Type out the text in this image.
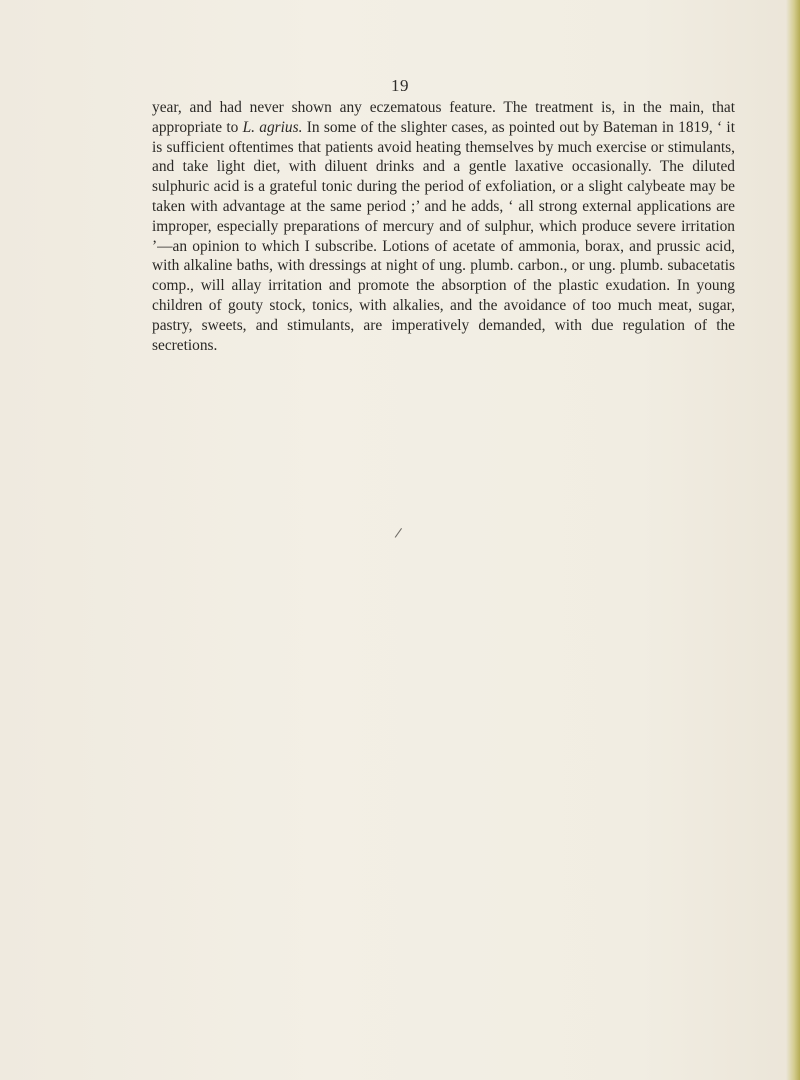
19

year, and had never shown any eczematous feature. The treatment is, in the main, that appropriate to L. agrius. In some of the slighter cases, as pointed out by Bateman in 1819, ‘ it is sufficient oftentimes that patients avoid heating themselves by much exercise or stimulants, and take light diet, with diluent drinks and a gentle laxative occasionally. The diluted sulphuric acid is a grateful tonic during the period of exfoliation, or a slight calybeate may be taken with advantage at the same period ;’ and he adds, ‘ all strong external applications are improper, especially preparations of mercury and of sulphur, which produce severe irritation ’—an opinion to which I subscribe. Lotions of acetate of ammonia, borax, and prussic acid, with alkaline baths, with dressings at night of ung. plumb. carbon., or ung. plumb. subacetatis comp., will allay irritation and promote the absorption of the plastic exudation. In young children of gouty stock, tonics, with alkalies, and the avoidance of too much meat, sugar, pastry, sweets, and stimulants, are imperatively demanded, with due regulation of the secretions.

/
